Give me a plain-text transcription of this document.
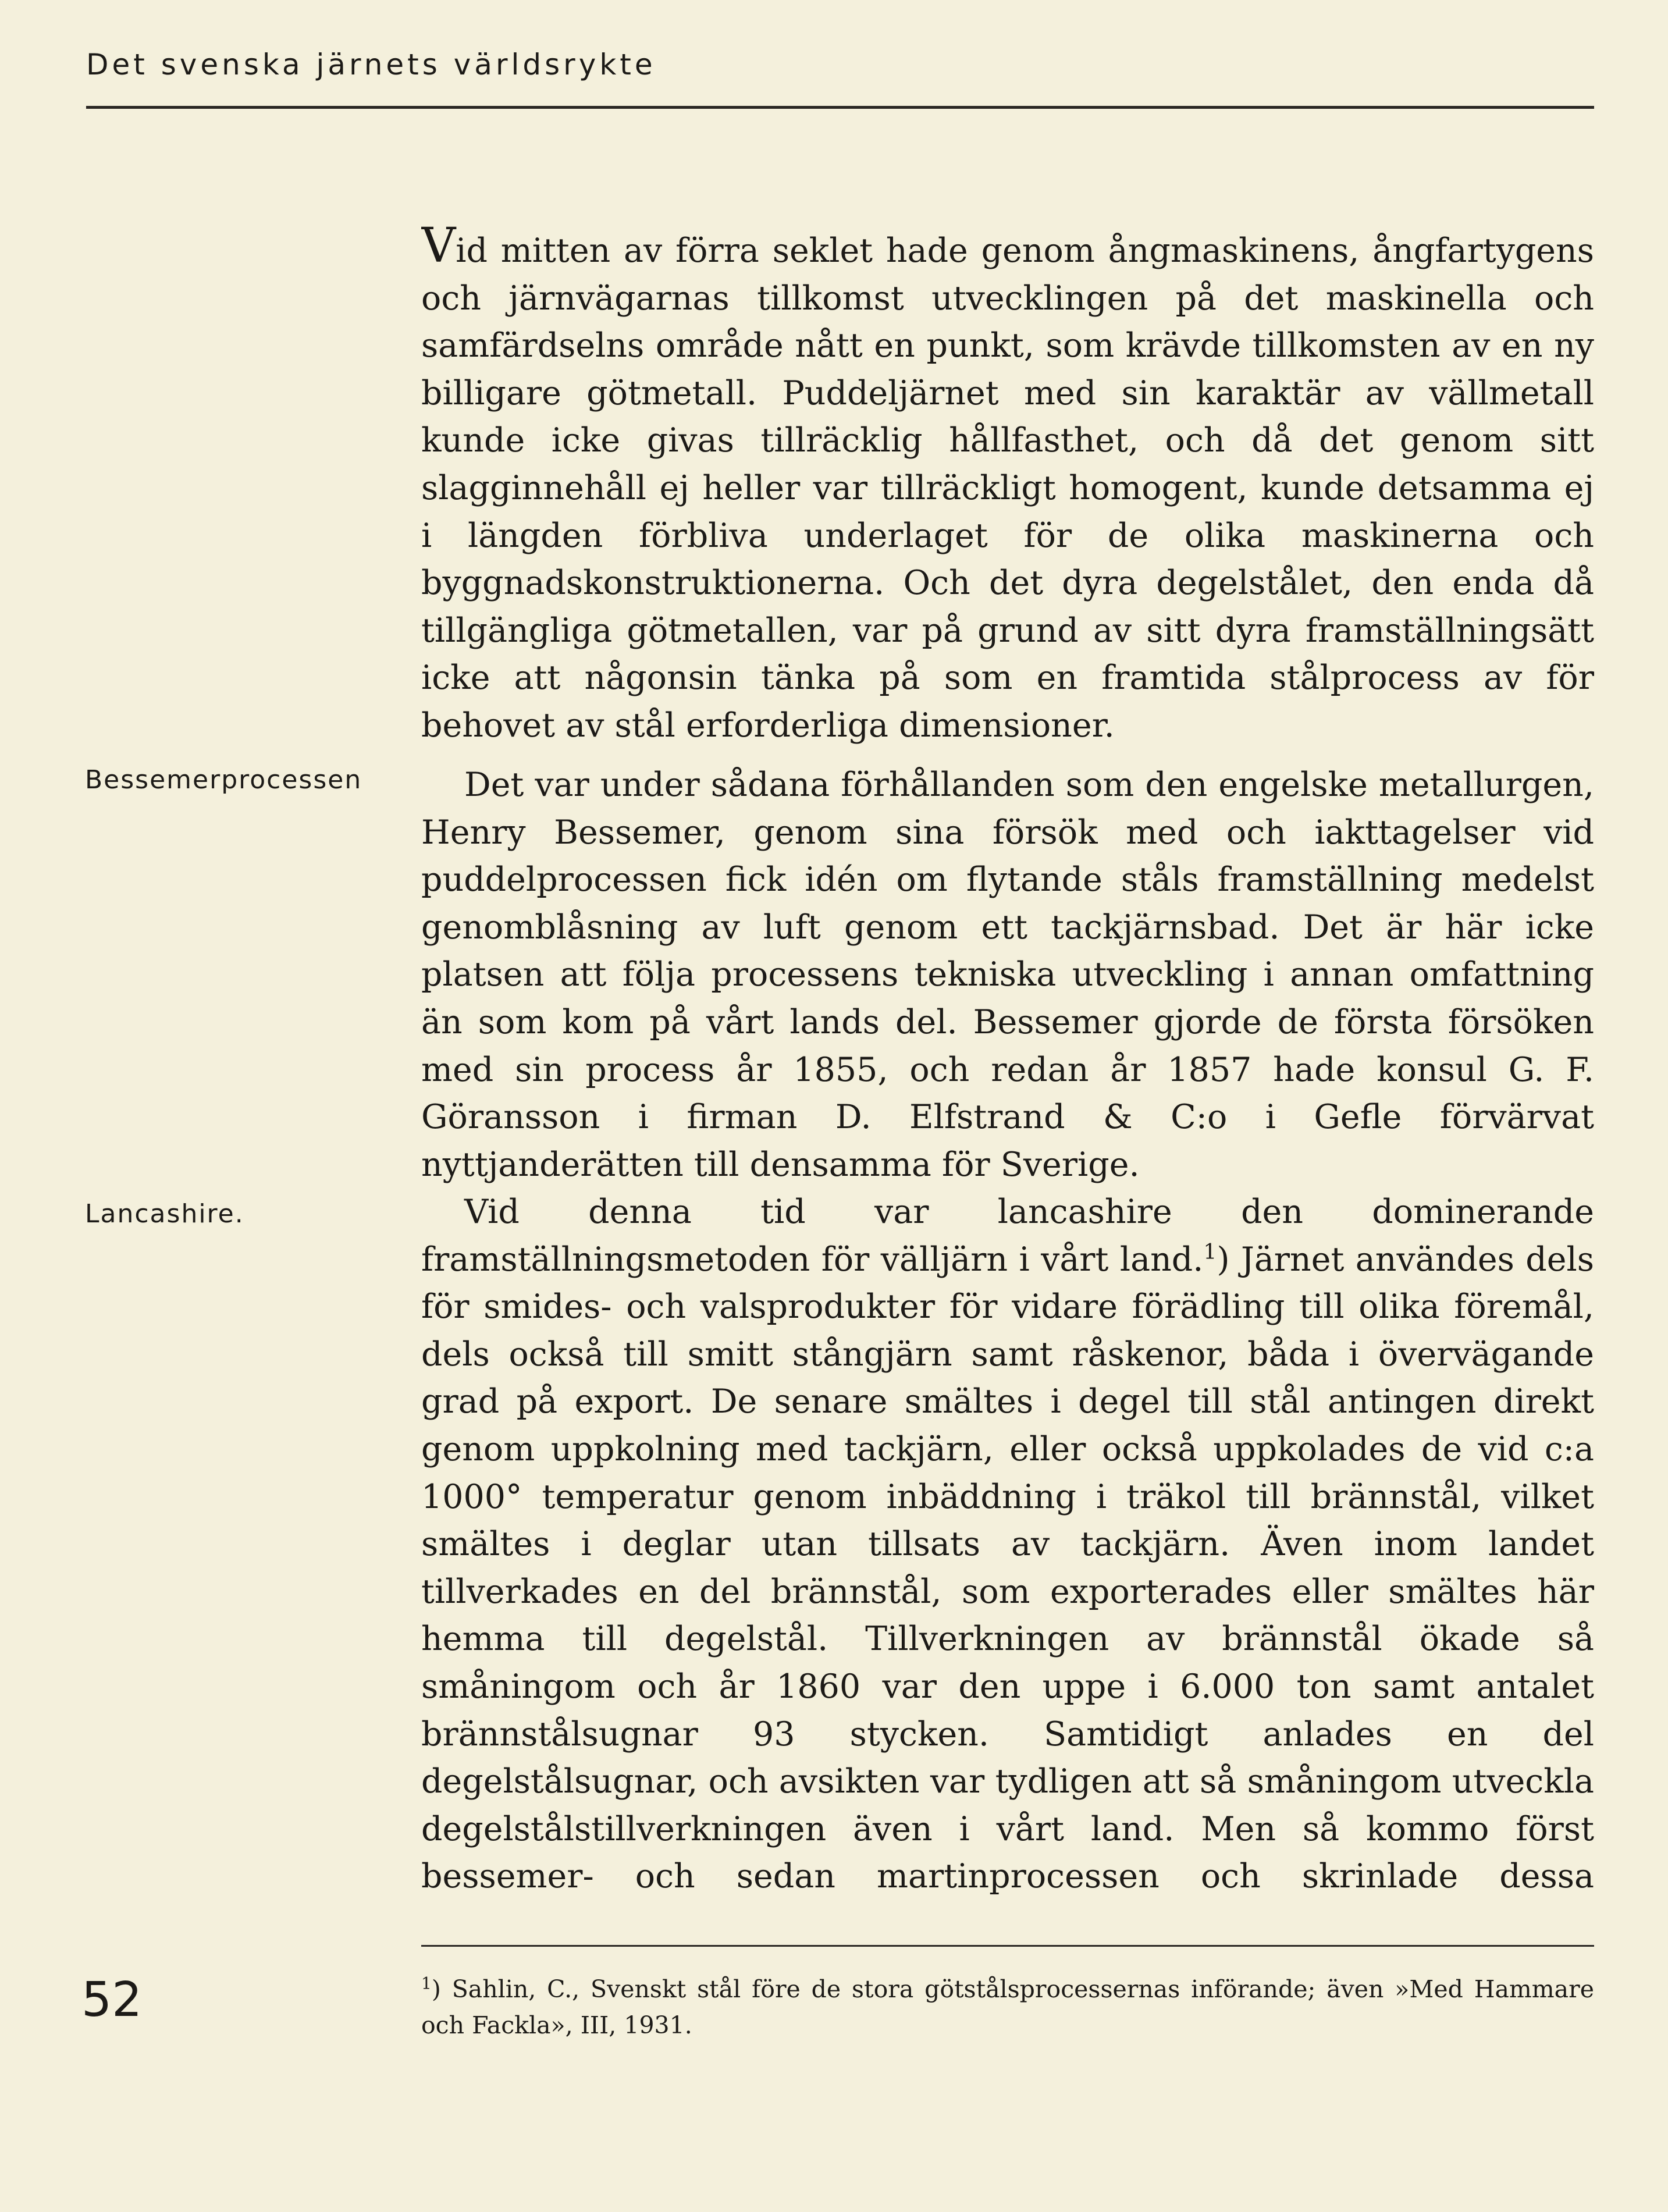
Det svenska järnets världsrykte
Bessemerprocessen
Lancashire.

Vid mitten av förra seklet hade genom ångmaskinens, ångfartygens och järnvägarnas tillkomst utvecklingen på det maskinella och samfärdselns område nått en punkt, som krävde tillkomsten av en ny billigare götmetall. Puddeljärnet med sin karaktär av vällmetall kunde icke givas tillräcklig hållfasthet, och då det genom sitt slagginnehåll ej heller var tillräckligt homogent, kunde detsamma ej i längden förbliva underlaget för de olika maskinerna och byggnadskonstruktionerna. Och det dyra degelstålet, den enda då tillgängliga götmetallen, var på grund av sitt dyra framställningsätt icke att någonsin tänka på som en framtida stålprocess av för behovet av stål erforderliga dimensioner.

Det var under sådana förhållanden som den engelske metallurgen, Henry Bessemer, genom sina försök med och iakttagelser vid puddelprocessen fick idén om flytande ståls framställning medelst genomblåsning av luft genom ett tackjärnsbad. Det är här icke platsen att följa processens tekniska utveckling i annan omfattning än som kom på vårt lands del. Bessemer gjorde de första försöken med sin process år 1855, och redan år 1857 hade konsul G. F. Göransson i firman D. Elfstrand & C:o i Gefle förvärvat nyttjanderätten till densamma för Sverige.

Vid denna tid var lancashire den dominerande framställningsmetoden för välljärn i vårt land.$^1$) Järnet användes dels för smides- och valsprodukter för vidare förädling till olika föremål, dels också till smitt stångjärn samt råskenor, båda i övervägande grad på export. De senare smältes i degel till stål antingen direkt genom uppkolning med tackjärn, eller också uppkolades de vid c:a 1000° temperatur genom inbäddning i träkol till brännstål, vilket smältes i deglar utan tillsats av tackjärn. Även inom landet tillverkades en del brännstål, som exporterades eller smältes här hemma till degelstål. Tillverkningen av brännstål ökade så småningom och år 1860 var den uppe i 6.000 ton samt antalet brännstålsugnar 93 stycken. Samtidigt anlades en del degelstålsugnar, och avsikten var tydligen att så småningom utveckla degelstålstillverkningen även i vårt land. Men så kommo först bessemer- och sedan martinprocessen och skrinlade dessa

$^1$) Sahlin, C., Svenskt stål före de stora götstålsprocessernas införande; även »Med Hammare och Fackla», III, 1931.
52
